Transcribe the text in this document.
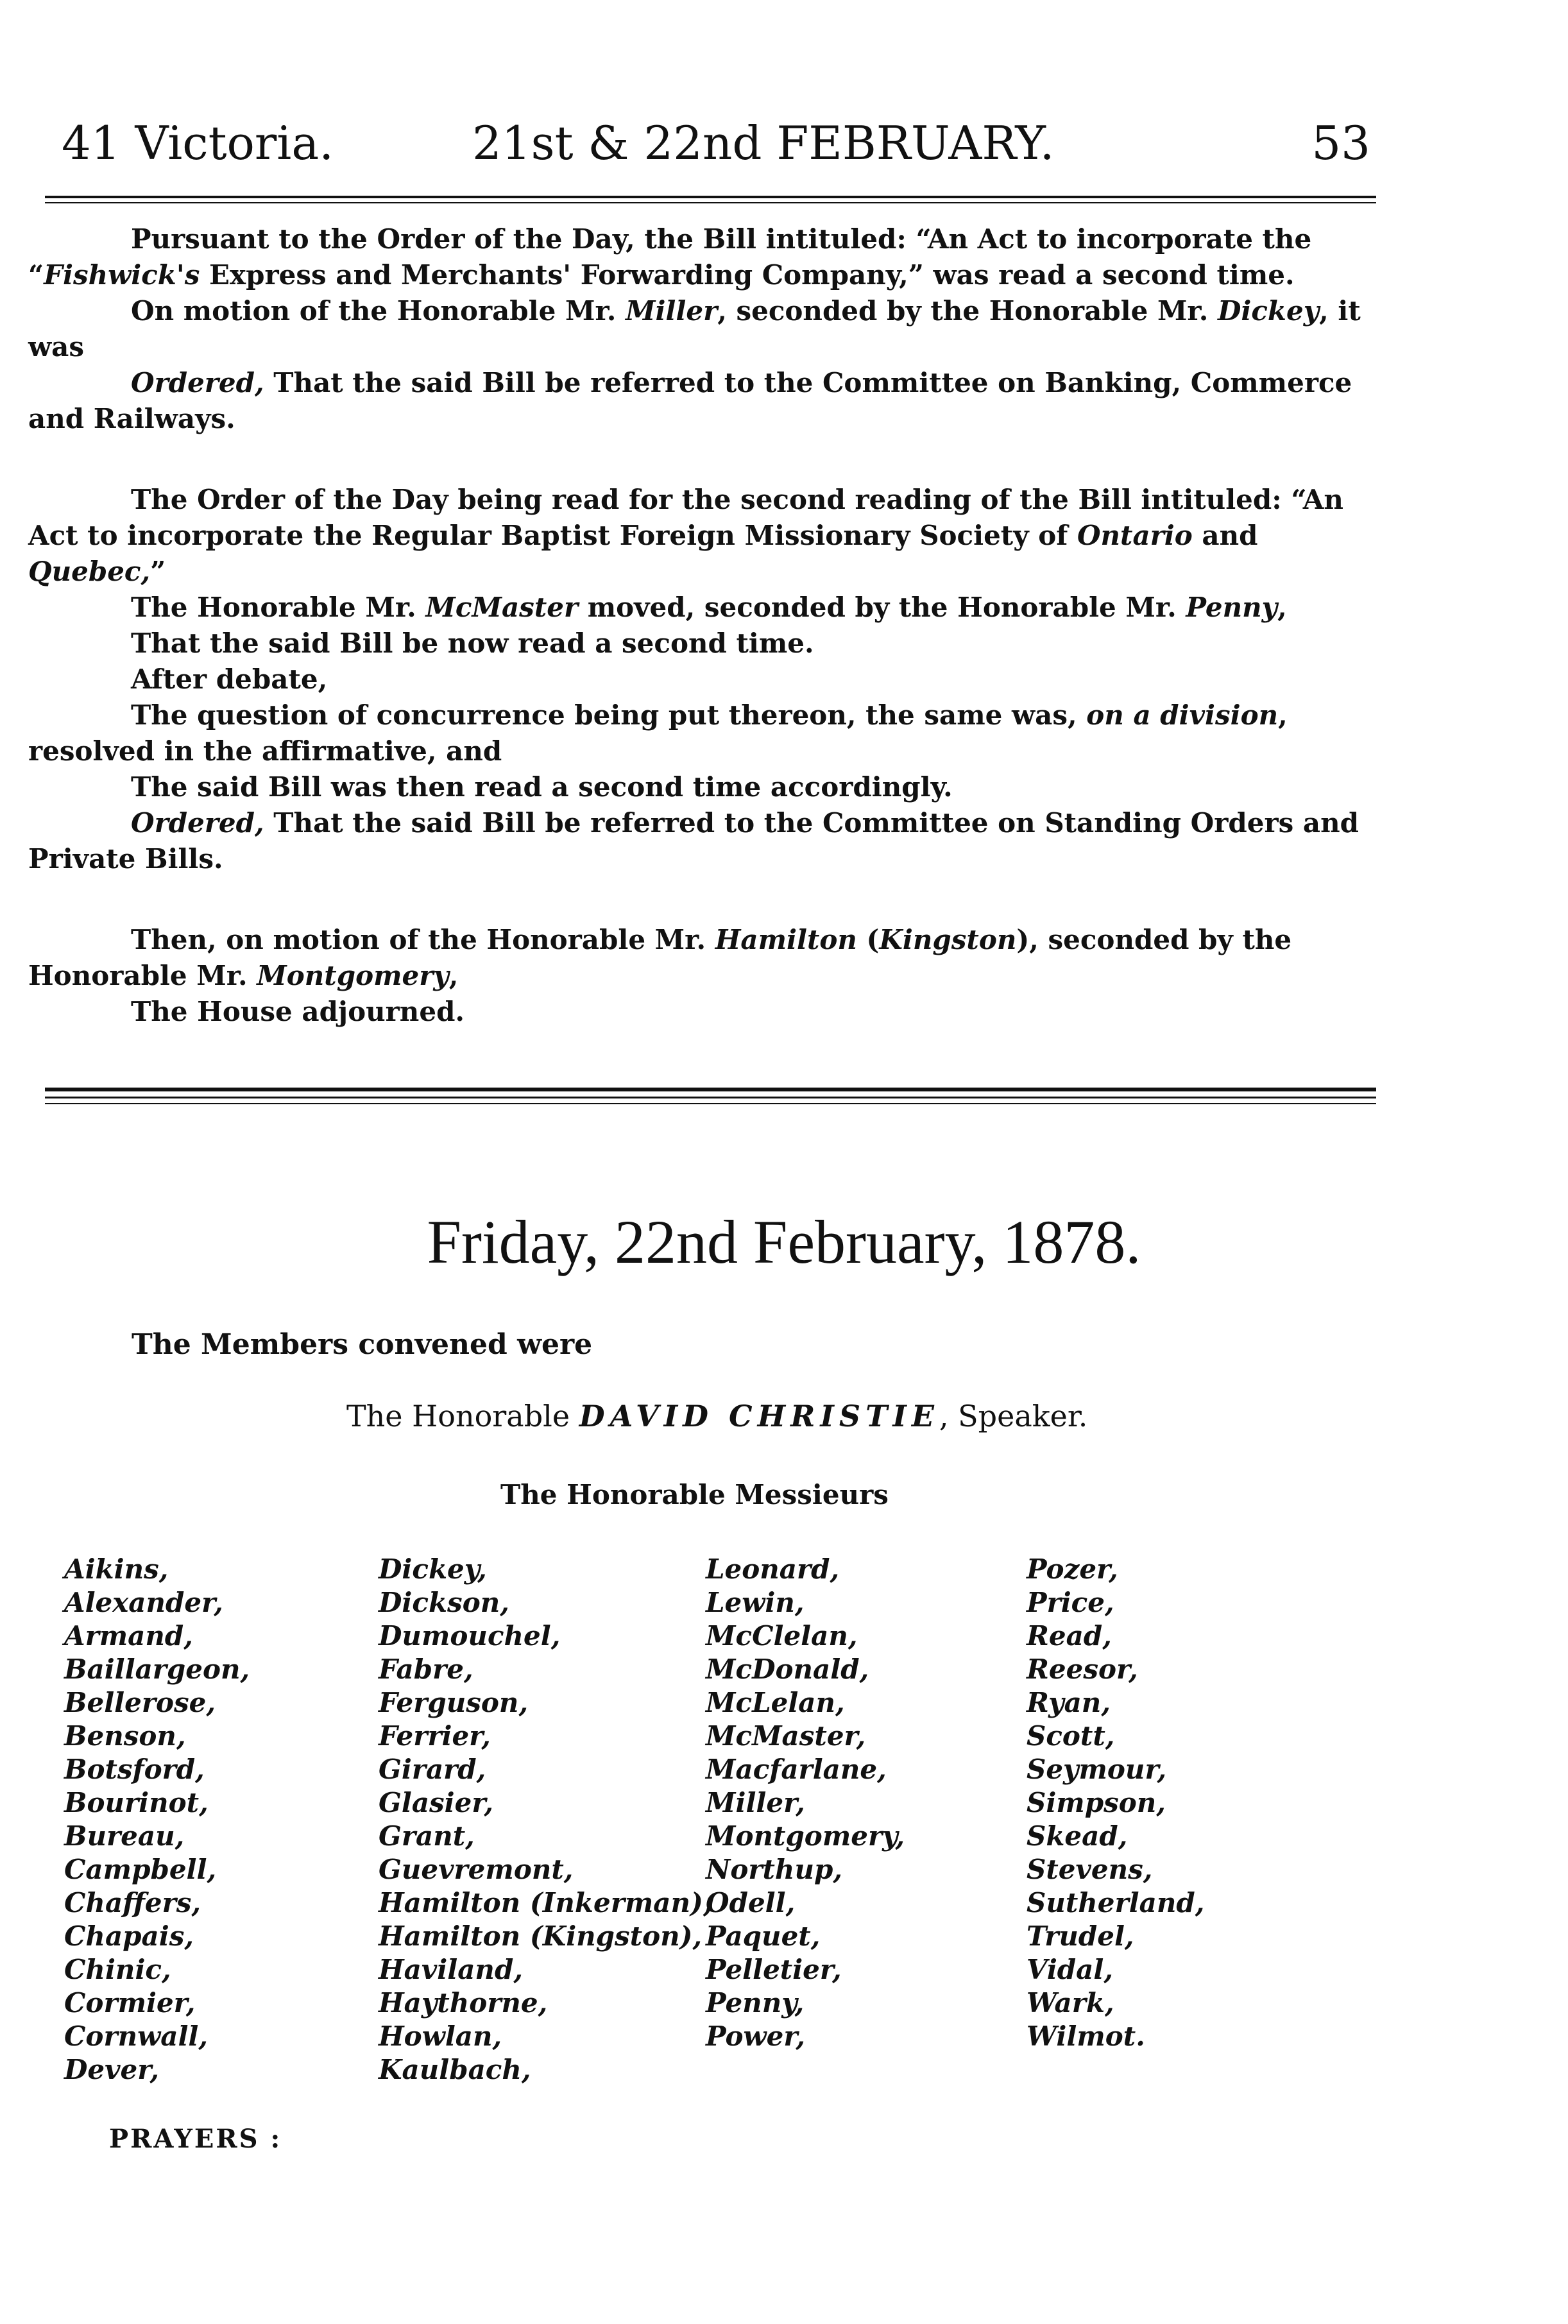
41 Victoria.	21st & 22nd FEBRUARY.	53
Pursuant to the Order of the Day, the Bill intituled: “An Act to incorporate the “Fishwick's Express and Merchants' Forwarding Company,” was read a second time.
On motion of the Honorable Mr. Miller, seconded by the Honorable Mr. Dickey, it was
Ordered, That the said Bill be referred to the Committee on Banking, Commerce and Railways.
The Order of the Day being read for the second reading of the Bill intituled: “An Act to incorporate the Regular Baptist Foreign Missionary Society of Ontario and Quebec,”
The Honorable Mr. McMaster moved, seconded by the Honorable Mr. Penny,
That the said Bill be now read a second time.
After debate,
The question of concurrence being put thereon, the same was, on a division, resolved in the affirmative, and
The said Bill was then read a second time accordingly.
Ordered, That the said Bill be referred to the Committee on Standing Orders and Private Bills.
Then, on motion of the Honorable Mr. Hamilton (Kingston), seconded by the Honorable Mr. Montgomery,
The House adjourned.
Friday, 22nd February, 1878.
The Members convened were
The Honorable DAVID CHRISTIE, Speaker.
The Honorable Messieurs
Aikins,
Alexander,
Armand,
Baillargeon,
Bellerose,
Benson,
Botsford,
Bourinot,
Bureau,
Campbell,
Chaffers,
Chapais,
Chinic,
Cormier,
Cornwall,
Dever,
Dickey,
Dickson,
Dumouchel,
Fabre,
Ferguson,
Ferrier,
Girard,
Glasier,
Grant,
Guevremont,
Hamilton (Inkerman),
Hamilton (Kingston),
Haviland,
Haythorne,
Howlan,
Kaulbach,
Leonard,
Lewin,
McClelan,
McDonald,
McLelan,
McMaster,
Macfarlane,
Miller,
Montgomery,
Northup,
Odell,
Paquet,
Pelletier,
Penny,
Power,
Pozer,
Price,
Read,
Reesor,
Ryan,
Scott,
Seymour,
Simpson,
Skead,
Stevens,
Sutherland,
Trudel,
Vidal,
Wark,
Wilmot.
PRAYERS :
